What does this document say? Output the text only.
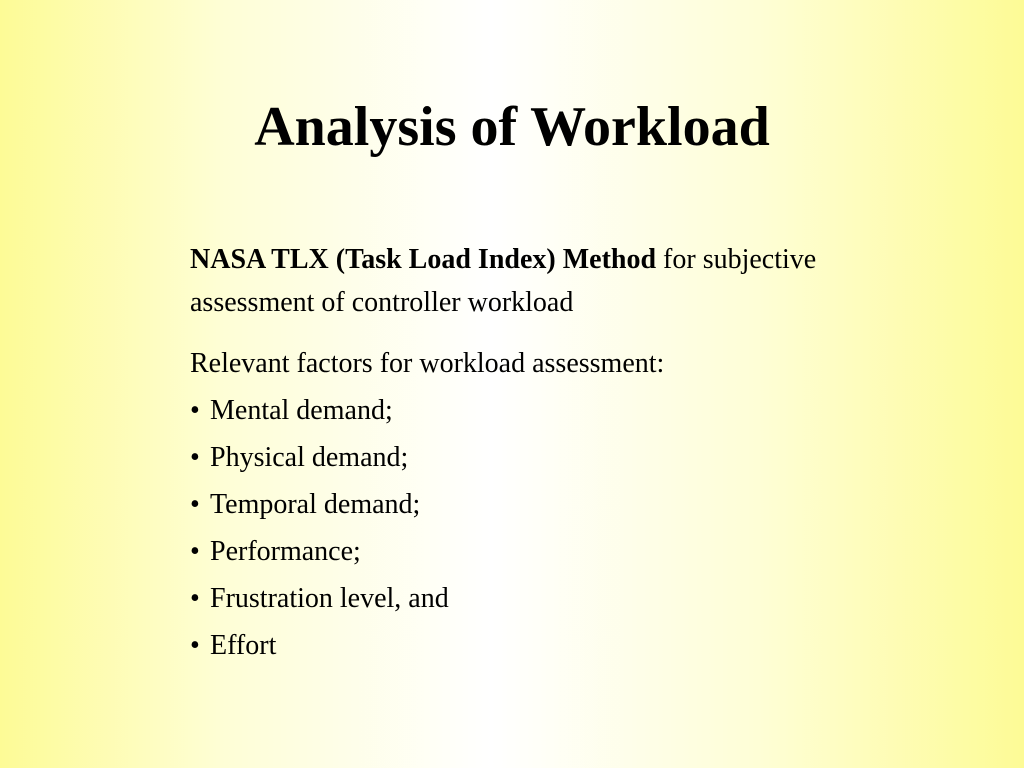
Analysis of Workload

NASA TLX (Task Load Index) Method for subjective assessment of controller workload

Relevant factors for workload assessment:

• Mental demand;
• Physical demand;
• Temporal demand;
• Performance;
• Frustration level, and
• Effort
